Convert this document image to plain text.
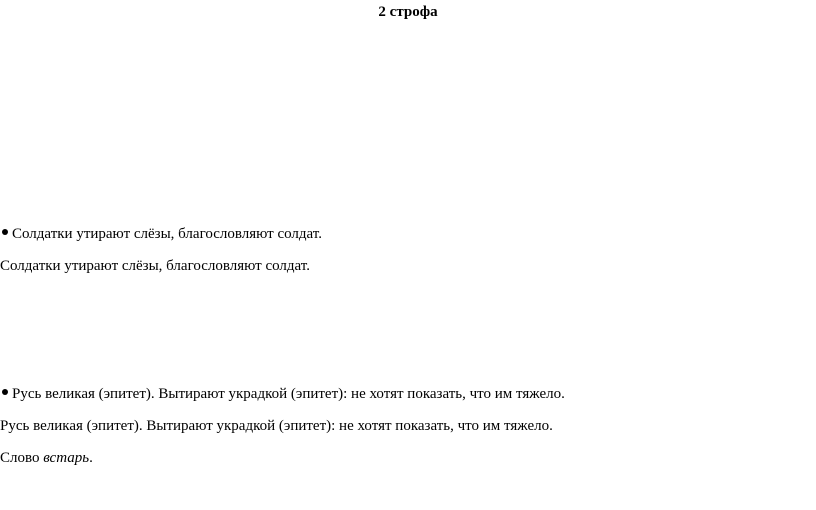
2 строфа
Солдатки утирают слёзы, благословляют солдат.
Солдатки утирают слёзы, благословляют солдат.
Русь великая (эпитет). Вытирают украдкой (эпитет): не хотят показать, что им тяжело.
Русь великая (эпитет). Вытирают украдкой (эпитет): не хотят показать, что им тяжело.
Слово встарь.
